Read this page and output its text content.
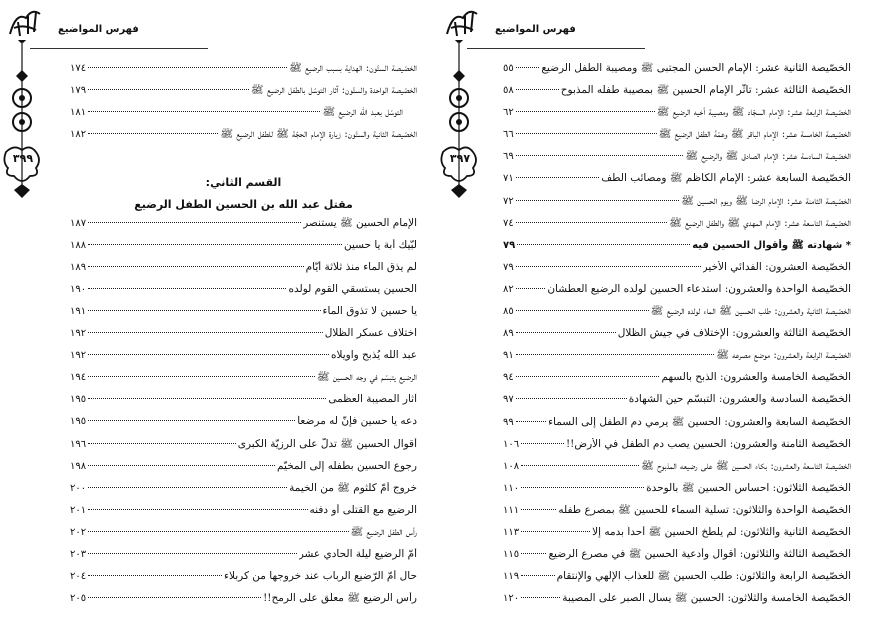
فهرس المواضيع
٣٩٩
الخصّيصة الستّون: الهداية بسبب الرضيع ﷺ
١٧٤
الخصّيصة الواحدة والستّون: آثار التوسّل بالطفل الرضيع ﷺ
١٧٩
التوسّل بعبد الله الرضيع ﷺ
١٨١
الخصّيصة الثانية والستّون: زيارة الإمام الحجّة ﷺ للطفل الرضيع ﷺ
١٨٢
القسم الثاني:
مقتل عبد الله بن الحسين الطفل الرضيع
الإمام الحسين ﷺ يستنصر
١٨٧
لبّيك أبة يا حسين
١٨٨
لم يذق الماء منذ ثلاثة أيّام
١٨٩
الحسين يستسقي القوم لولده
١٩٠
يا حسين لا تذوق الماء
١٩١
اختلاف عسكر الظلال
١٩٢
عبد الله يُذبح واويلاه
١٩٢
الرضيع يتبسّم في وجه الحسين ﷺ
١٩٤
آثار المصيبة العظمى
١٩٥
دعه يا حسين فإنّ له مرضعاً
١٩٥
أقوال الحسين ﷺ تدلّ على الرزيّة الكبرى
١٩٦
رجوع الحسين بطفله إلى المخيّم
١٩٨
خروج أمّ كلثوم ﷺ من الخيمة
٢٠٠
الرضيع مع القتلى أو دفنه
٢٠١
رأس الطفل الرضيع ﷺ
٢٠٢
أمّ الرضيع ليلة الحادي عشر
٢٠٣
حال أمّ الرّضيع الرباب عند خروجها من كربلاء
٢٠٤
رأس الرضيع ﷺ معلّق على الرمح!!
٢٠٥
فهرس المواضيع
٣٩٧
الخصّيصة الثانية عشر: الإمام الحسن المجتبى ﷺ ومصيبة الطفل الرضيع
٥٥
الخصّيصة الثالثة عشر: تأثّر الإمام الحسين ﷺ بمصيبة طفله المذبوح
٥٨
الخصّيصة الرابعة عشر: الإمام السجّاد ﷺ ومصيبة أخيه الرضيع ﷺ
٦٢
الخصّيصة الخامسة عشر: الإمام الباقر ﷺ وعمّهُ الطفل الرضيع ﷺ
٦٦
الخصّيصة السادسة عشر: الإمام الصادق ﷺ والرضيع ﷺ
٦٩
الخصّيصة السابعة عشر: الإمام الكاظم ﷺ ومصائب الطف
٧١
الخصّيصة الثامنة عشر: الإمام الرضا ﷺ ويوم الحسين ﷺ
٧٢
الخصّيصة التاسعة عشر: الإمام المهدي ﷺ والطفل الرضيع ﷺ
٧٤
* شهادته ﷺ وأقوال الحسين فيه
٧٩
الخصّيصة العشرون: الفدائي الأخير
٧٩
الخصّيصة الواحدة والعشرون: استدعاء الحسين لولده الرضيع العطشان
٨٢
الخصّيصة الثانية والعشرون: طلب الحسين ﷺ الماء لولده الرضيع ﷺ
٨٥
الخصّيصة الثالثة والعشرون: الإختلاف في جيش الظلال
٨٩
الخصّيصة الرابعة والعشرون: موضع مصرعه ﷺ
٩١
الخصّيصة الخامسة والعشرون: الذبح بالسهم
٩٤
الخصّيصة السادسة والعشرون: التبسّم حين الشهادة
٩٧
الخصّيصة السابعة والعشرون: الحسين ﷺ يرمي دم الطفل إلى السماء
٩٩
الخصّيصة الثامنة والعشرون: الحسين يصب دم الطفل في الأرض!!
١٠٦
الخصّيصة التاسعة والعشرون: بكاء الحسين ﷺ على رضيعه المذبوح ﷺ
١٠٨
الخصّيصة الثلاثون: احساس الحسين ﷺ بالوحدة
١١٠
الخصّيصة الواحدة والثلاثون: تسلية السماء للحسين ﷺ بمصرع طفله
١١١
الخصّيصة الثانية والثلاثون: لم يلطّخ الحسين ﷺ أحداً بدمه إلّا
١١٣
الخصّيصة الثالثة والثلاثون: أقوال وأدعية الحسين ﷺ في مصرع الرضيع
١١٥
الخصّيصة الرابعة والثلاثون: طلب الحسين ﷺ للعذاب الإلهي والإنتقام
١١٩
الخصّيصة الخامسة والثلاثون: الحسين ﷺ يسأل الصبر على المصيبة
١٢٠
